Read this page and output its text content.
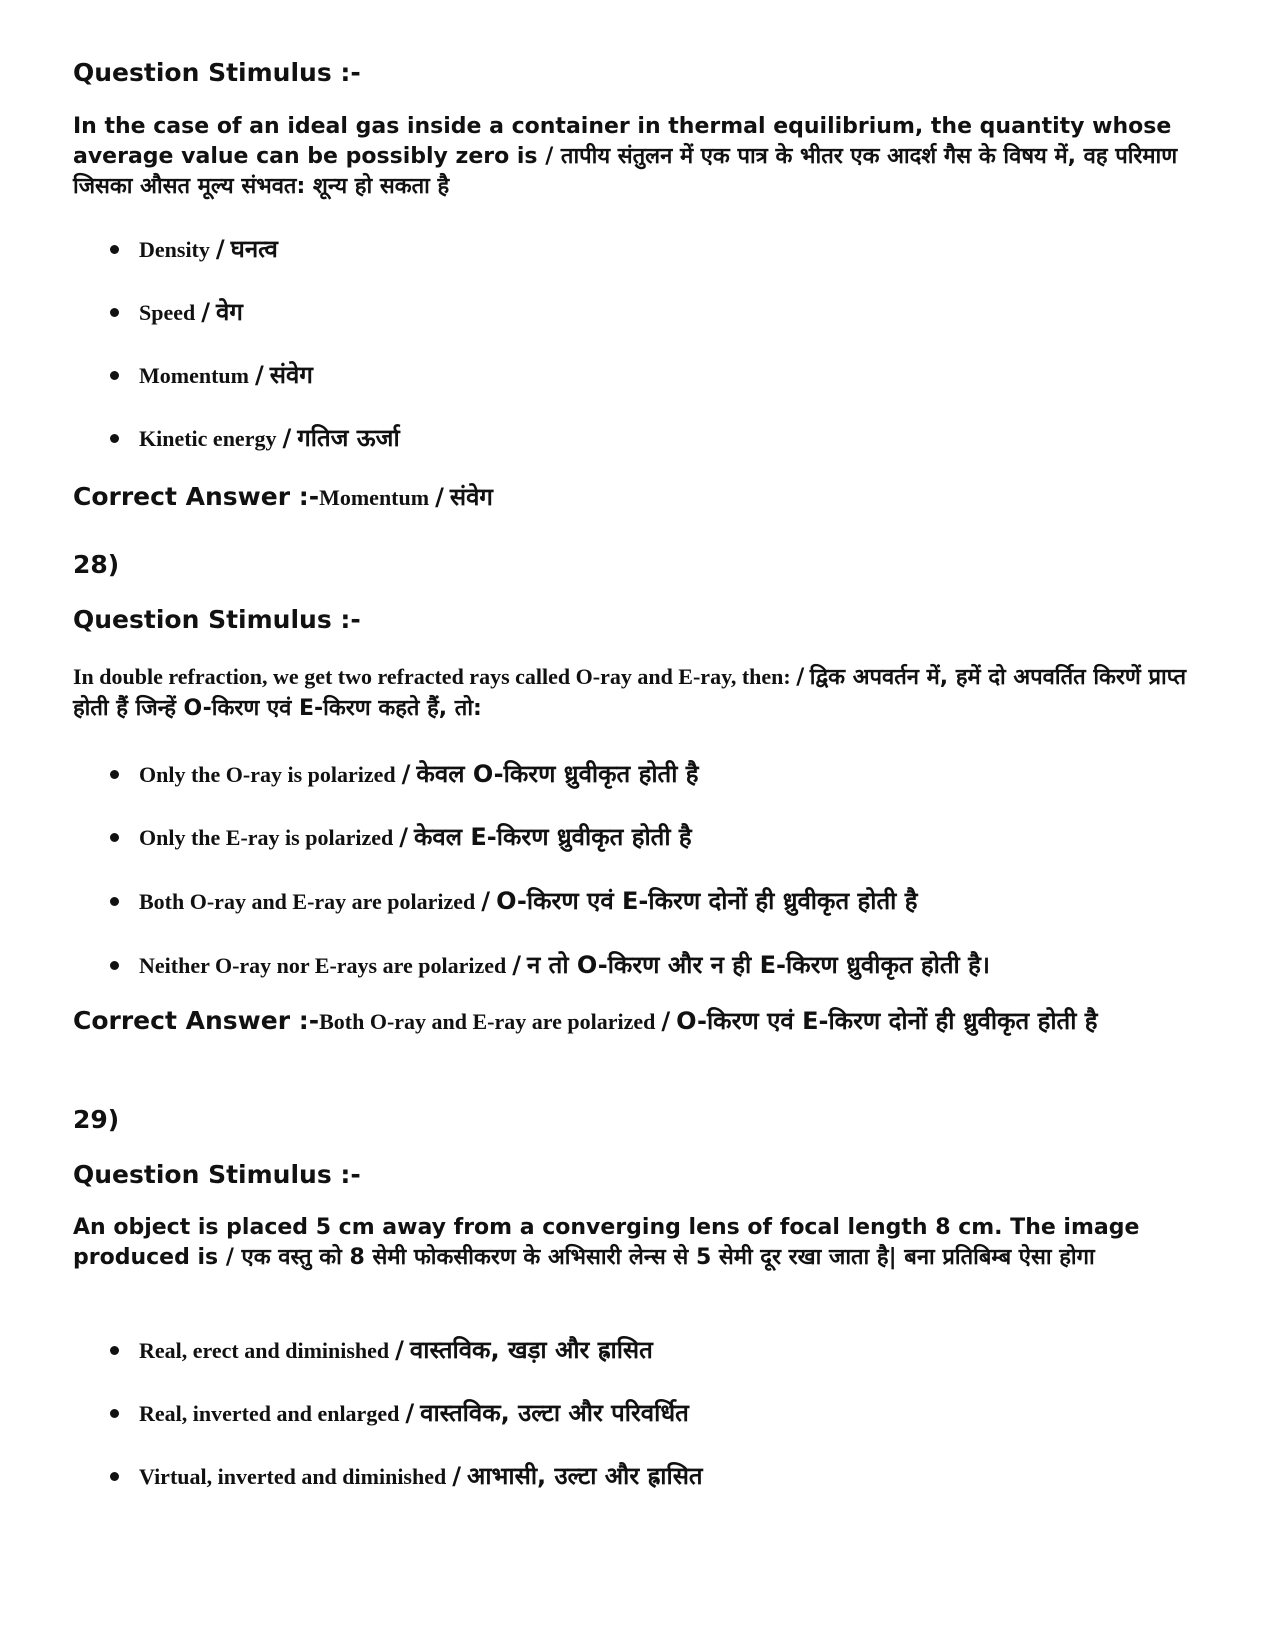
Question Stimulus :-

In the case of an ideal gas inside a container in thermal equilibrium, the quantity whose average value can be possibly zero is / तापीय संतुलन में एक पात्र के भीतर एक आदर्श गैस के विषय में, वह परिमाण जिसका औसत मूल्य संभवत: शून्य हो सकता है

Density / घनत्व
Speed / वेग
Momentum / संवेग
Kinetic energy / गतिज ऊर्जा

Correct Answer :-Momentum / संवेग

28)

Question Stimulus :-

In double refraction, we get two refracted rays called O-ray and E-ray, then: / द्विक अपवर्तन में, हमें दो अपवर्तित किरणें प्राप्त होती हैं जिन्हें O-किरण एवं E-किरण कहते हैं, तो:

Only the O-ray is polarized / केवल O-किरण ध्रुवीकृत होती है
Only the E-ray is polarized / केवल E-किरण ध्रुवीकृत होती है
Both O-ray and E-ray are polarized / O-किरण एवं E-किरण दोनों ही ध्रुवीकृत होती है
Neither O-ray nor E-rays are polarized / न तो O-किरण और न ही E-किरण ध्रुवीकृत होती है।

Correct Answer :-Both O-ray and E-ray are polarized / O-किरण एवं E-किरण दोनों ही ध्रुवीकृत होती है

29)

Question Stimulus :-

An object is placed 5 cm away from a converging lens of focal length 8 cm. The image produced is / एक वस्तु को 8 सेमी फोकसीकरण के अभिसारी लेन्स से 5 सेमी दूर रखा जाता है| बना प्रतिबिम्ब ऐसा होगा

Real, erect and diminished / वास्तविक, खड़ा और ह्रासित
Real, inverted and enlarged / वास्तविक, उल्टा और परिवर्धित
Virtual, inverted and diminished / आभासी, उल्टा और ह्रासित
